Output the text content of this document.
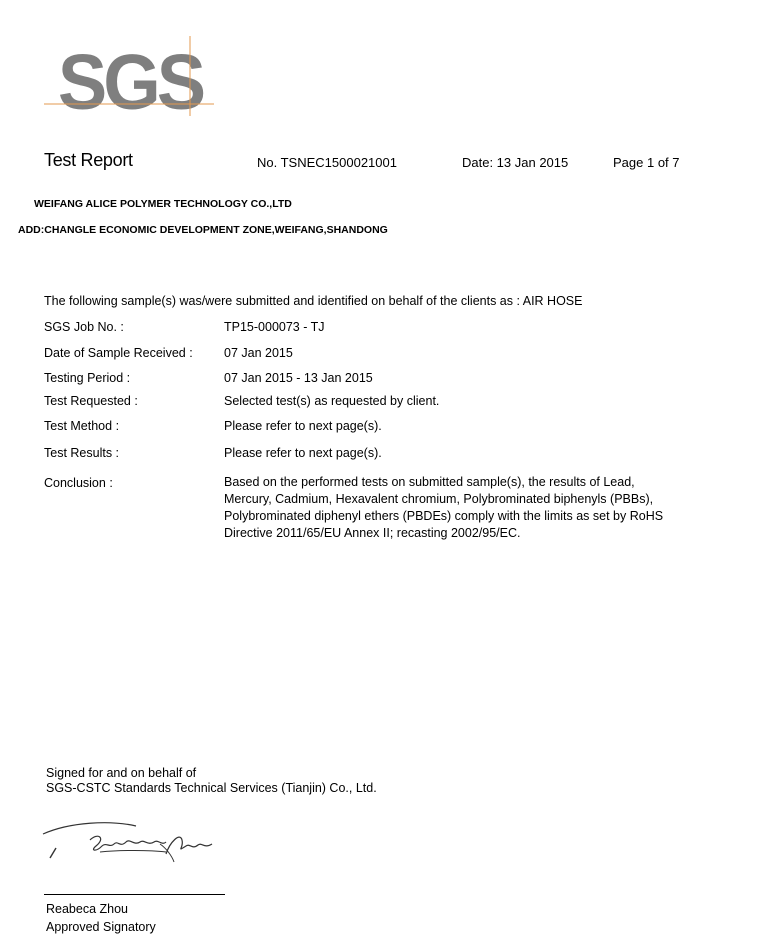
SGS
Test Report	No. TSNEC1500021001	Date: 13 Jan 2015	Page 1 of 7
WEIFANG ALICE POLYMER TECHNOLOGY CO.,LTD
ADD:CHANGLE ECONOMIC DEVELOPMENT ZONE,WEIFANG,SHANDONG
The following sample(s) was/were submitted and identified on behalf of the clients as : AIR HOSE
SGS Job No. :	TP15-000073 - TJ
Date of Sample Received :	07 Jan 2015
Testing Period :	07 Jan 2015 - 13 Jan 2015
Test Requested :	Selected test(s) as requested by client.
Test Method :	Please refer to next page(s).
Test Results :	Please refer to next page(s).
Conclusion :	Based on the performed tests on submitted sample(s), the results of Lead,
Mercury, Cadmium, Hexavalent chromium, Polybrominated biphenyls (PBBs),
Polybrominated diphenyl ethers (PBDEs) comply with the limits as set by RoHS
Directive 2011/65/EU Annex II; recasting 2002/95/EC.
Signed for and on behalf of
SGS-CSTC Standards Technical Services (Tianjin) Co., Ltd.
Reabeca Zhou
Approved Signatory
